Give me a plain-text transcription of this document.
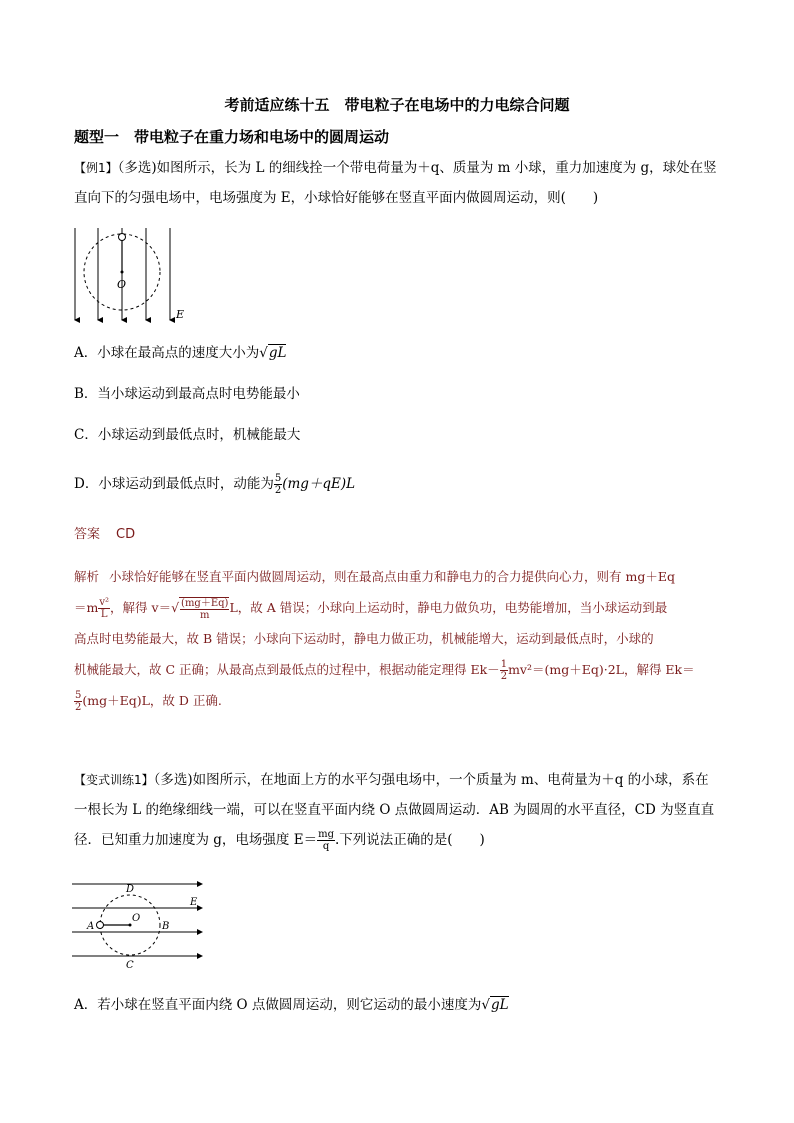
考前适应练十五　带电粒子在电场中的力电综合问题
题型一　带电粒子在重力场和电场中的圆周运动
【例1】（多选)如图所示，长为 L 的细线拴一个带电荷量为＋q、质量为 m 小球，重力加速度为 g，球处在竖
直向下的匀强电场中，电场强度为 E，小球恰好能够在竖直平面内做圆周运动，则(　　)
O
E
A．小球在最高点的速度大小为√gL
B．当小球运动到最高点时电势能最小
C．小球运动到最低点时，机械能最大
D．小球运动到最低点时，动能为 $\frac{5}{2} (mg+qE)L$
答案 CD
解析 小球恰好能够在竖直平面内做圆周运动，则在最高点由重力和静电力的合力提供向心力，则有 mg＋Eq
$=m \frac{\text{v²}}{L}$ ，解得 $v=√ \frac{(mg+Eq)}{m}$ L，故 A 错误；小球向上运动时，静电力做负功，电势能增加，当小球运动到最
高点时电势能最大，故 B 错误；小球向下运动时，静电力做正功，机械能增大，运动到最低点时，小球的
机械能最大，故 C 正确；从最高点到最低点的过程中，根据动能定理得 $Ek- \frac{1}{2} mv^2=(mg+Eq)\cdot 2L$，解得 Ek＝
$\frac{5}{2} (mg+Eq)L$，故 D 正确.
【变式训练1】（多选)如图所示，在地面上方的水平匀强电场中，一个质量为 m、电荷量为＋q 的小球，系在
一根长为 L 的绝缘细线一端，可以在竖直平面内绕 O 点做圆周运动．AB 为圆周的水平直径，CD 为竖直直
径．已知重力加速度为 g，电场强度 $E= \frac{mg}{q}$ .下列说法正确的是(　　)
D
A
O
B
C
E
A．若小球在竖直平面内绕 O 点做圆周运动，则它运动的最小速度为√gL
